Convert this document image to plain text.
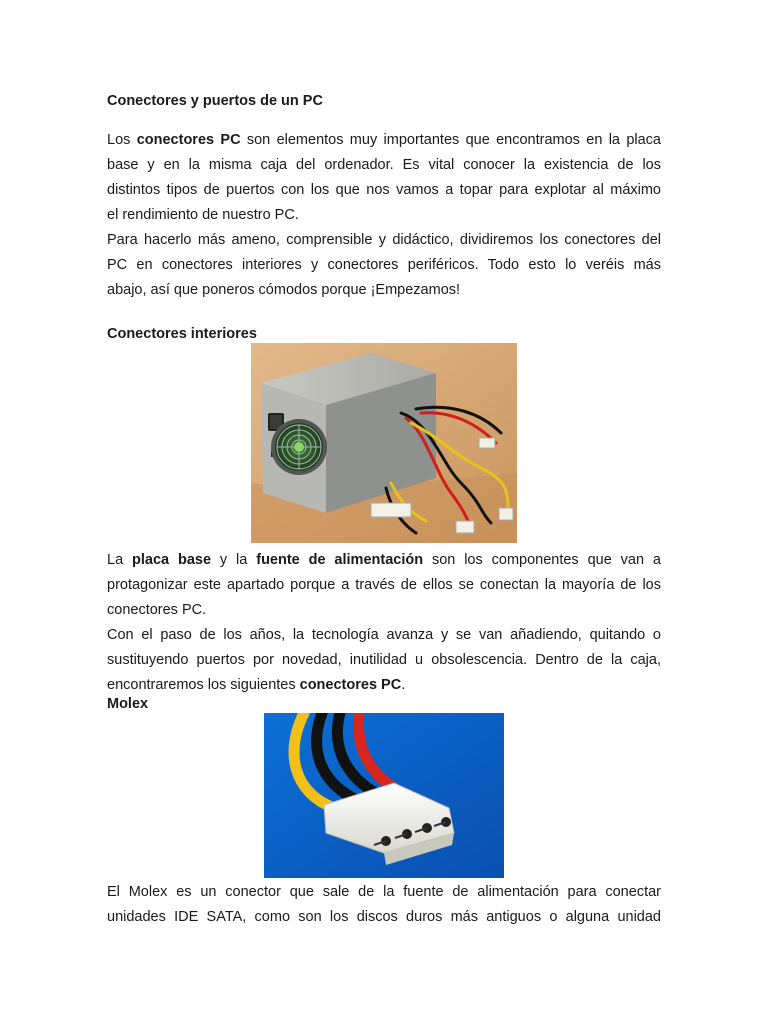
Conectores y puertos de un PC
Los conectores PC son elementos muy importantes que encontramos en la placa
base y en la misma caja del ordenador. Es vital conocer la existencia de los
distintos tipos de puertos con los que nos vamos a topar para explotar al máximo
el rendimiento de nuestro PC.
Para hacerlo más ameno, comprensible y didáctico, dividiremos los conectores del
PC en conectores interiores y conectores periféricos. Todo esto lo veréis más
abajo, así que poneros cómodos porque ¡Empezamos!
Conectores interiores
La placa base y la fuente de alimentación son los componentes que van a
protagonizar este apartado porque a través de ellos se conectan la mayoría de los
conectores PC.
Con el paso de los años, la tecnología avanza y se van añadiendo, quitando o
sustituyendo puertos por novedad, inutilidad u obsolescencia. Dentro de la caja,
encontraremos los siguientes conectores PC.
Molex
El Molex es un conector que sale de la fuente de alimentación para conectar
unidades IDE SATA, como son los discos duros más antiguos o alguna unidad
